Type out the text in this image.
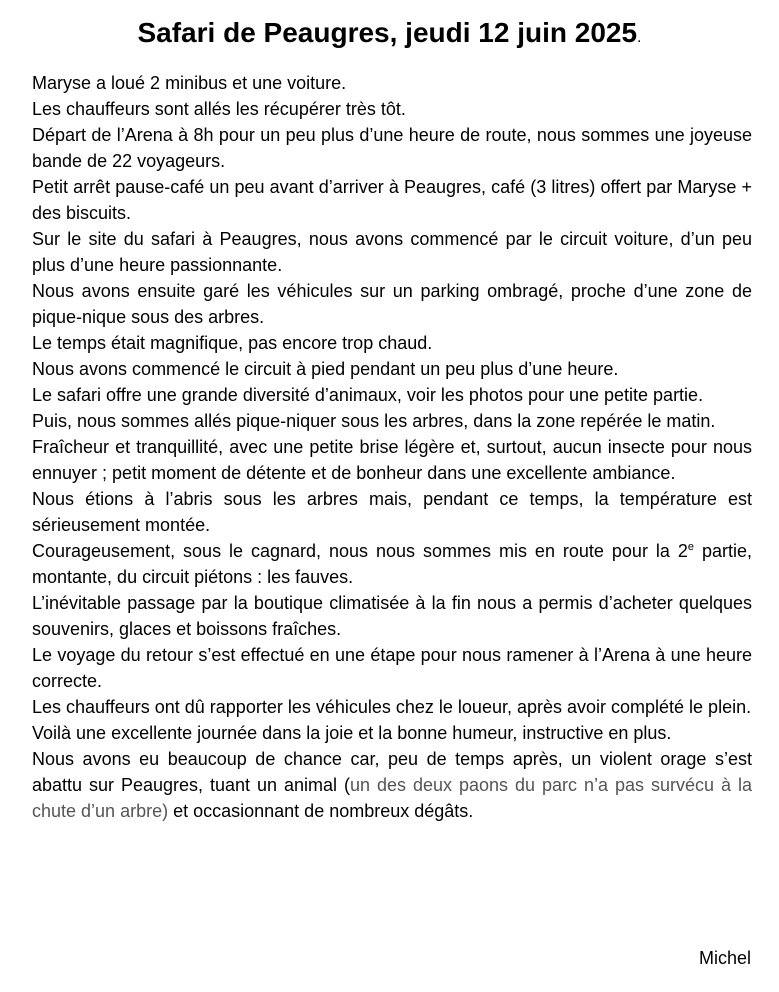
Safari de Peaugres, jeudi 12 juin 2025.

Maryse a loué 2 minibus et une voiture.

Les chauffeurs sont allés les récupérer très tôt.

Départ de l’Arena à 8h pour un peu plus d’une heure de route, nous sommes une joyeuse bande de 22 voyageurs.

Petit arrêt pause-café un peu avant d’arriver à Peaugres, café (3 litres) offert par Maryse + des biscuits.

Sur le site du safari à Peaugres, nous avons commencé par le circuit voiture, d’un peu plus d’une heure passionnante.

Nous avons ensuite garé les véhicules sur un parking ombragé, proche d’une zone de pique-nique sous des arbres.

Le temps était magnifique, pas encore trop chaud.

Nous avons commencé le circuit à pied pendant un peu plus d’une heure.

Le safari offre une grande diversité d’animaux, voir les photos pour une petite partie.

Puis, nous sommes allés pique-niquer sous les arbres, dans la zone repérée le matin.

Fraîcheur et tranquillité, avec une petite brise légère et, surtout, aucun insecte pour nous ennuyer ; petit moment de détente et de bonheur dans une excellente ambiance.

Nous étions à l’abris sous les arbres mais, pendant ce temps, la température est sérieusement montée.

Courageusement, sous le cagnard, nous nous sommes mis en route pour la 2e partie, montante, du circuit piétons : les fauves.

L’inévitable passage par la boutique climatisée à la fin nous a permis d’acheter quelques souvenirs, glaces et boissons fraîches.

Le voyage du retour s’est effectué en une étape pour nous ramener à l’Arena à une heure correcte.

Les chauffeurs ont dû rapporter les véhicules chez le loueur, après avoir complété le plein.

Voilà une excellente journée dans la joie et la bonne humeur, instructive en plus.

Nous avons eu beaucoup de chance car, peu de temps après, un violent orage s’est abattu sur Peaugres, tuant un animal (un des deux paons du parc n’a pas survécu à la chute d’un arbre) et occasionnant de nombreux dégâts.

Michel
